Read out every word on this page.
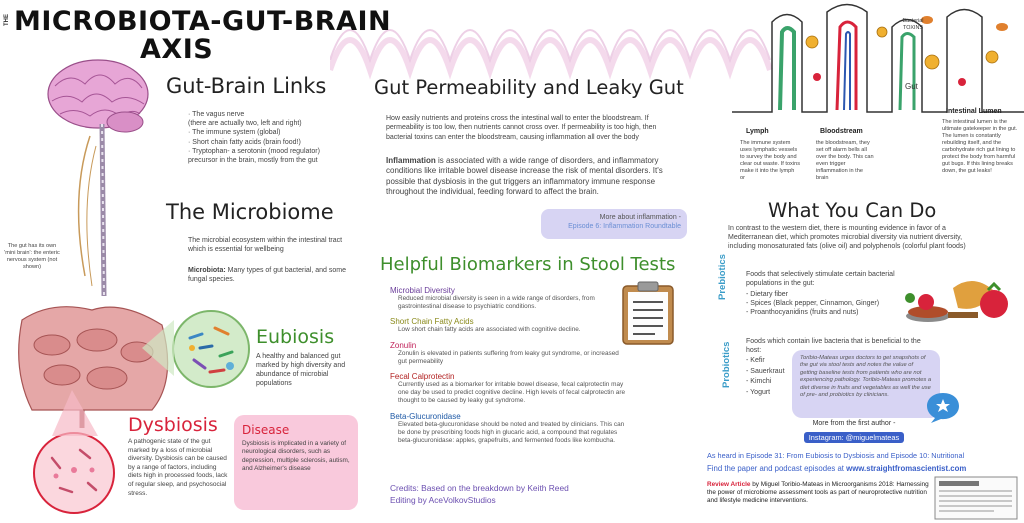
THE MICROBIOTA-GUT-BRAIN
AXIS
The gut has its own 'mini brain': the enteric nervous system (not shown)
Gut-Brain Links
· The vagus nerve
(there are actually two, left and right)
· The immune system (global)
· Short chain fatty acids (brain food!)
· Tryptophan- a serotonin (mood regulator)
precursor in the brain, mostly from the gut
The Microbiome
The microbial ecosystem within the intestinal tract which is essential for wellbeing
Microbiota: Many types of gut bacterial, and some fungal species.
Eubiosis
A healthy and balanced gut marked by high diversity and abundance of microbial populations
Dysbiosis
A pathogenic state of the gut marked by a loss of microbial diversity. Dysbiosis can be caused by a range of factors, including diets high in processed foods, lack of regular sleep, and psychosocial stress.
Disease
Dysbiosis is implicated in a variety of neurological disorders, such as depression, multiple sclerosis, autism, and Alzheimer's disease
Gut Permeability and Leaky Gut
How easily nutrients and proteins cross the intestinal wall to enter the bloodstream. If permeability is too low, then nutrients cannot cross over. If permeability is too high, then bacterial toxins can enter the bloodstream, causing inflammation all over the body
Inflammation is associated with a wide range of disorders, and inflammatory conditions like irritable bowel disease increase the risk of mental disorders. It's possible that dysbiosis in the gut triggers an inflammatory immune response throughout the individual, feeding forward to affect the brain.
More about inflammation -
Episode 6: Inflammation Roundtable
Helpful Biomarkers in Stool Tests
Microbial Diversity
Reduced microbial diversity is seen in a wide range of disorders, from gastrointestinal disease to psychiatric conditions.
Short Chain Fatty Acids
Low short chain fatty acids are associated with cognitive decline.
Zonulin
Zonulin is elevated in patients suffering from leaky gut syndrome, or increased gut permeability
Fecal Calprotectin
Currently used as a biomarker for irritable bowel disease, fecal calprotectin may one day be used to predict cognitive decline. High levels of fecal calprotectin are thought to be caused by leaky gut syndrome.
Beta-Glucuronidase
Elevated beta-glucuronidase should be noted and treated by clinicians. This can be done by prescribing foods high in glucaric acid, a compound that regulates beta-glucuronidase: apples, grapefruits, and fermented foods like kombucha.
Credits: Based on the breakdown by Keith Reed
Editing by AceVolkovStudios
Bacterial TOXINS
Gut
Lymph
The immune system uses lymphatic vessels to survey the body and clear out waste. If toxins make it into the lymph or
Bloodstream
the bloodstream, they set off alarm bells all over the body. This can even trigger inflammation in the brain
Intestinal Lumen
The intestinal lumen is the ultimate gatekeeper in the gut. The lumen is constantly rebuilding itself, and the carbohydrate rich gut lining to protect the body from harmful gut bugs. If this lining breaks down, the gut leaks!
What You Can Do
In contrast to the western diet, there is mounting evidence in favor of a Mediterranean diet, which promotes microbial diversity via nutrient diversity, including monosaturated fats (olive oil) and polyphenols (colorful plant foods)
Prebiotics	Foods that selectively stimulate certain bacterial populations in the gut:
- Dietary fiber
- Spices (Black pepper, Cinnamon, Ginger)
- Proanthocyanidins (fruits and nuts)
Probiotics
Foods which contain live bacteria that is beneficial to the host:
- Kefir
- Sauerkraut
- Kimchi
- Yogurt
Toribio-Mateas urges doctors to get snapshots of the gut via stool tests and notes the value of getting baseline tests from patients who are not experiencing pathology. Toribio-Mateas promotes a diet diverse in fruits and vegetables as well the use of pre- and probiotics by clinicians.
More from the first author -
Instagram: @miguelmateas
As heard in Episode 31: From Eubiosis to Dysbiosis and Episode 10: Nutritional
Find the paper and podcast episodes at www.straightfromascientist.com
Review Article by Miguel Toribio-Mateas in Microorganisms 2018: Harnessing the power of microbiome assessment tools as part of neuroprotective nutrition and lifestyle medicine interventions.
